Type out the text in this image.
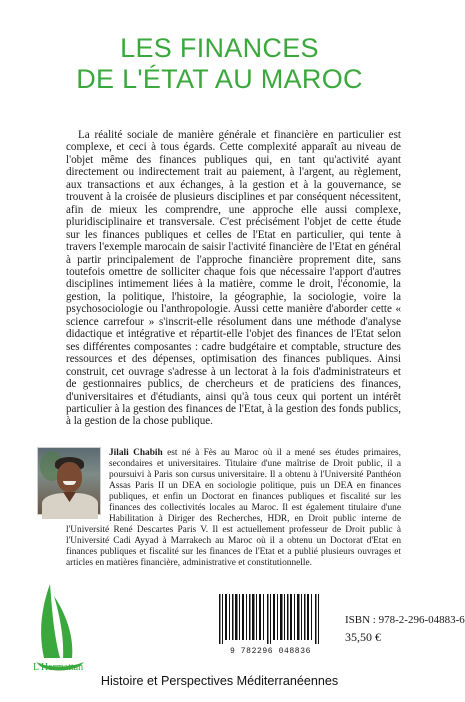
LES FINANCES
DE L'ÉTAT AU MAROC

La réalité sociale de manière générale et financière en particulier est complexe, et ceci à tous égards. Cette complexité apparaît au niveau de l'objet même des finances publiques qui, en tant qu'activité ayant directement ou indirectement trait au paiement, à l'argent, au règlement, aux transactions et aux échanges, à la gestion et à la gouvernance, se trouvent à la croisée de plusieurs disciplines et par conséquent nécessitent, afin de mieux les comprendre, une approche elle aussi complexe, pluridisciplinaire et transversale. C'est précisément l'objet de cette étude sur les finances publiques et celles de l'Etat en particulier, qui tente à travers l'exemple marocain de saisir l'activité financière de l'Etat en général à partir principalement de l'approche financière proprement dite, sans toutefois omettre de solliciter chaque fois que nécessaire l'apport d'autres disciplines intimement liées à la matière, comme le droit, l'économie, la gestion, la politique, l'histoire, la géographie, la sociologie, voire la psychosociologie ou l'anthropologie. Aussi cette manière d'aborder cette « science carrefour » s'inscrit-elle résolument dans une méthode d'analyse didactique et intégrative et répartit-elle l'objet des finances de l'Etat selon ses différentes composantes : cadre budgétaire et comptable, structure des ressources et des dépenses, optimisation des finances publiques. Ainsi construit, cet ouvrage s'adresse à un lectorat à la fois d'administrateurs et de gestionnaires publics, de chercheurs et de praticiens des finances, d'universitaires et d'étudiants, ainsi qu'à tous ceux qui portent un intérêt particulier à la gestion des finances de l'Etat, à la gestion des fonds publics, à la gestion de la chose publique.

Jilali Chabih est né à Fès au Maroc où il a mené ses études primaires, secondaires et universitaires. Titulaire d'une maîtrise de Droit public, il a poursuivi à Paris son cursus universitaire. Il a obtenu à l'Université Panthéon Assas Paris II un DEA en sociologie politique, puis un DEA en finances publiques, et enfin un Doctorat en finances publiques et fiscalité sur les finances des collectivités locales au Maroc. Il est également titulaire d'une Habilitation à Diriger des Recherches, HDR, en Droit public interne de l'Université René Descartes Paris V. Il est actuellement professeur de Droit public à l'Université Cadi Ayyad à Marrakech au Maroc où il a obtenu un Doctorat d'Etat en finances publiques et fiscalité sur les finances de l'Etat et a publié plusieurs ouvrages et articles en matières financière, administrative et constitutionnelle.

L'Harmattan
9 782296 048836
ISBN : 978-2-296-04883-6
35,50 €
Histoire et Perspectives Méditerranéennes
